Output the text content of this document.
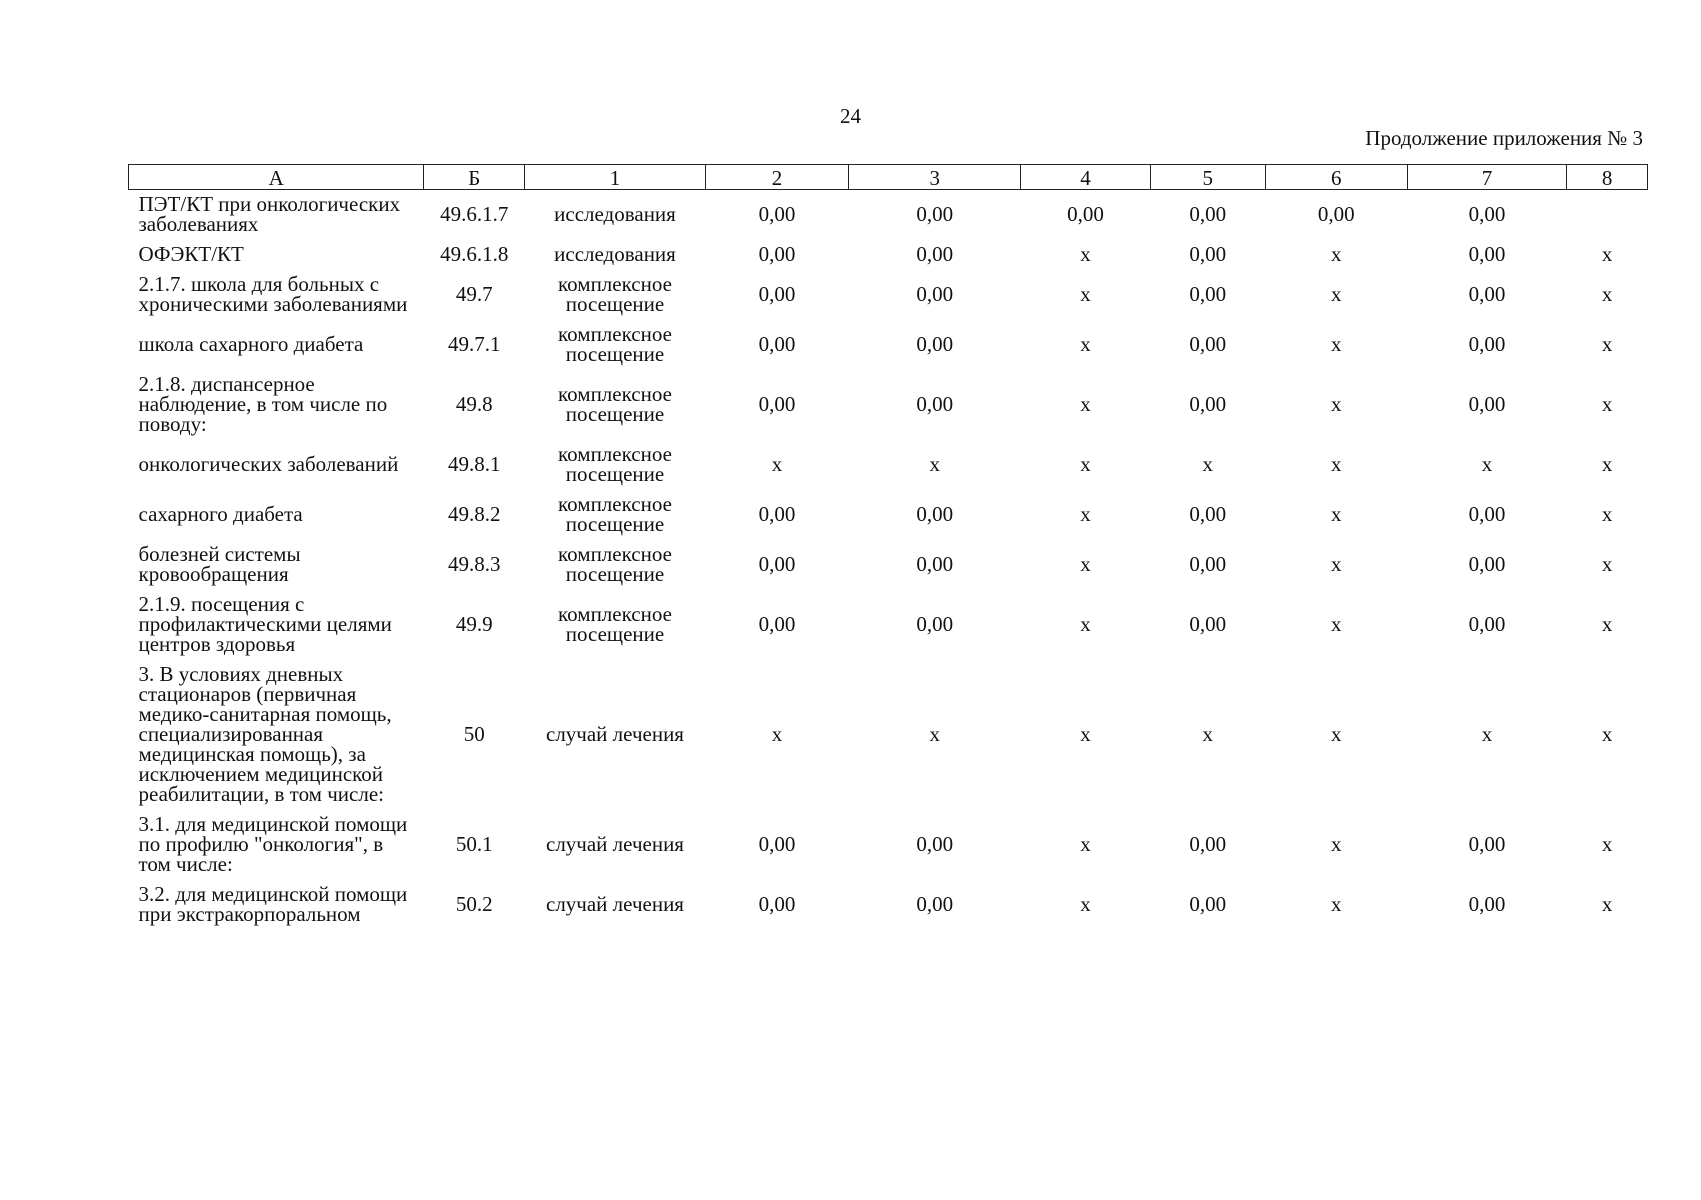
24
Продолжение приложения № 3
А	Б	1	2	3	4	5	6	7	8
ПЭТ/КТ при онкологических заболеваниях	49.6.1.7	исследования	0,00	0,00	0,00	0,00	0,00	0,00	
ОФЭКТ/КТ	49.6.1.8	исследования	0,00	0,00	х	0,00	х	0,00	х
2.1.7. школа для больных с хроническими заболеваниями	49.7	комплексное посещение	0,00	0,00	х	0,00	х	0,00	х
школа сахарного диабета	49.7.1	комплексное посещение	0,00	0,00	х	0,00	х	0,00	х
2.1.8. диспансерное наблюдение, в том числе по поводу:	49.8	комплексное посещение	0,00	0,00	х	0,00	х	0,00	х
онкологических заболеваний	49.8.1	комплексное посещение	х	х	х	х	х	х	х
сахарного диабета	49.8.2	комплексное посещение	0,00	0,00	х	0,00	х	0,00	х
болезней системы кровообращения	49.8.3	комплексное посещение	0,00	0,00	х	0,00	х	0,00	х
2.1.9. посещения с профилактическими целями центров здоровья	49.9	комплексное посещение	0,00	0,00	х	0,00	х	0,00	х
3. В условиях дневных стационаров (первичная медико-санитарная помощь, специализированная медицинская помощь), за исключением медицинской реабилитации, в том числе:	50	случай лечения	х	х	х	х	х	х	х
3.1. для медицинской помощи по профилю "онкология", в том числе:	50.1	случай лечения	0,00	0,00	х	0,00	х	0,00	х
3.2. для медицинской помощи при экстракорпоральном	50.2	случай лечения	0,00	0,00	х	0,00	х	0,00	х
